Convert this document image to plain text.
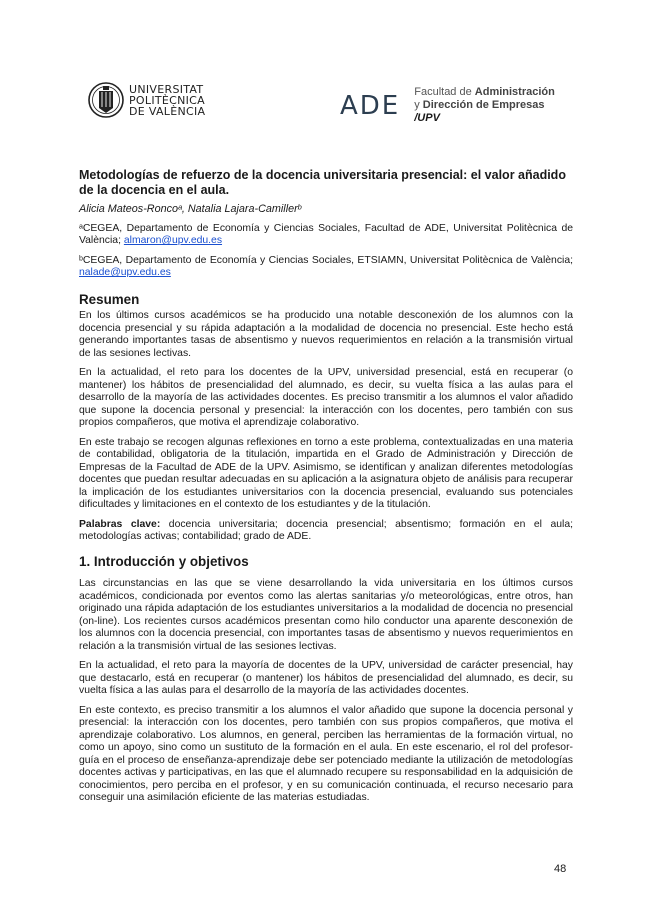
UNIVERSITAT
POLITÈCNICA
DE VALÈNCIA	ADE Facultad de Administración
y Dirección de Empresas /UPV
Metodologías de refuerzo de la docencia universitaria presencial: el valor añadido de la docencia en el aula.
Alicia Mateos-Roncoᵃ, Natalia Lajara-Camillerᵇ
ᵃCEGEA, Departamento de Economía y Ciencias Sociales, Facultad de ADE, Universitat Politècnica de València; almaron@upv.edu.es
ᵇCEGEA, Departamento de Economía y Ciencias Sociales, ETSIAMN, Universitat Politècnica de València; nalade@upv.edu.es
Resumen

En los últimos cursos académicos se ha producido una notable desconexión de los alumnos con la docencia presencial y su rápida adaptación a la modalidad de docencia no presencial. Este hecho está generando importantes tasas de absentismo y nuevos requerimientos en relación a la transmisión virtual de las sesiones lectivas.

En la actualidad, el reto para los docentes de la UPV, universidad presencial, está en recuperar (o mantener) los hábitos de presencialidad del alumnado, es decir, su vuelta física a las aulas para el desarrollo de la mayoría de las actividades docentes. Es preciso transmitir a los alumnos el valor añadido que supone la docencia personal y presencial: la interacción con los docentes, pero también con sus propios compañeros, que motiva el aprendizaje colaborativo.

En este trabajo se recogen algunas reflexiones en torno a este problema, contextualizadas en una materia de contabilidad, obligatoria de la titulación, impartida en el Grado de Administración y Dirección de Empresas de la Facultad de ADE de la UPV. Asimismo, se identifican y analizan diferentes metodologías docentes que puedan resultar adecuadas en su aplicación a la asignatura objeto de análisis para recuperar la implicación de los estudiantes universitarios con la docencia presencial, evaluando sus potenciales dificultades y limitaciones en el contexto de los estudiantes y de la titulación.

Palabras clave: docencia universitaria; docencia presencial; absentismo; formación en el aula; metodologías activas; contabilidad; grado de ADE.

1. Introducción y objetivos

Las circunstancias en las que se viene desarrollando la vida universitaria en los últimos cursos académicos, condicionada por eventos como las alertas sanitarias y/o meteorológicas, entre otros, han originado una rápida adaptación de los estudiantes universitarios a la modalidad de docencia no presencial (on-line). Los recientes cursos académicos presentan como hilo conductor una aparente desconexión de los alumnos con la docencia presencial, con importantes tasas de absentismo y nuevos requerimientos en relación a la transmisión virtual de las sesiones lectivas.

En la actualidad, el reto para la mayoría de docentes de la UPV, universidad de carácter presencial, hay que destacarlo, está en recuperar (o mantener) los hábitos de presencialidad del alumnado, es decir, su vuelta física a las aulas para el desarrollo de la mayoría de las actividades docentes.

En este contexto, es preciso transmitir a los alumnos el valor añadido que supone la docencia personal y presencial: la interacción con los docentes, pero también con sus propios compañeros, que motiva el aprendizaje colaborativo. Los alumnos, en general, perciben las herramientas de la formación virtual, no como un apoyo, sino como un sustituto de la formación en el aula. En este escenario, el rol del profesor-guía en el proceso de enseñanza-aprendizaje debe ser potenciado mediante la utilización de metodologías docentes activas y participativas, en las que el alumnado recupere su responsabilidad en la adquisición de conocimientos, pero perciba en el profesor, y en su comunicación continuada, el recurso necesario para conseguir una asimilación eficiente de las materias estudiadas.

48
